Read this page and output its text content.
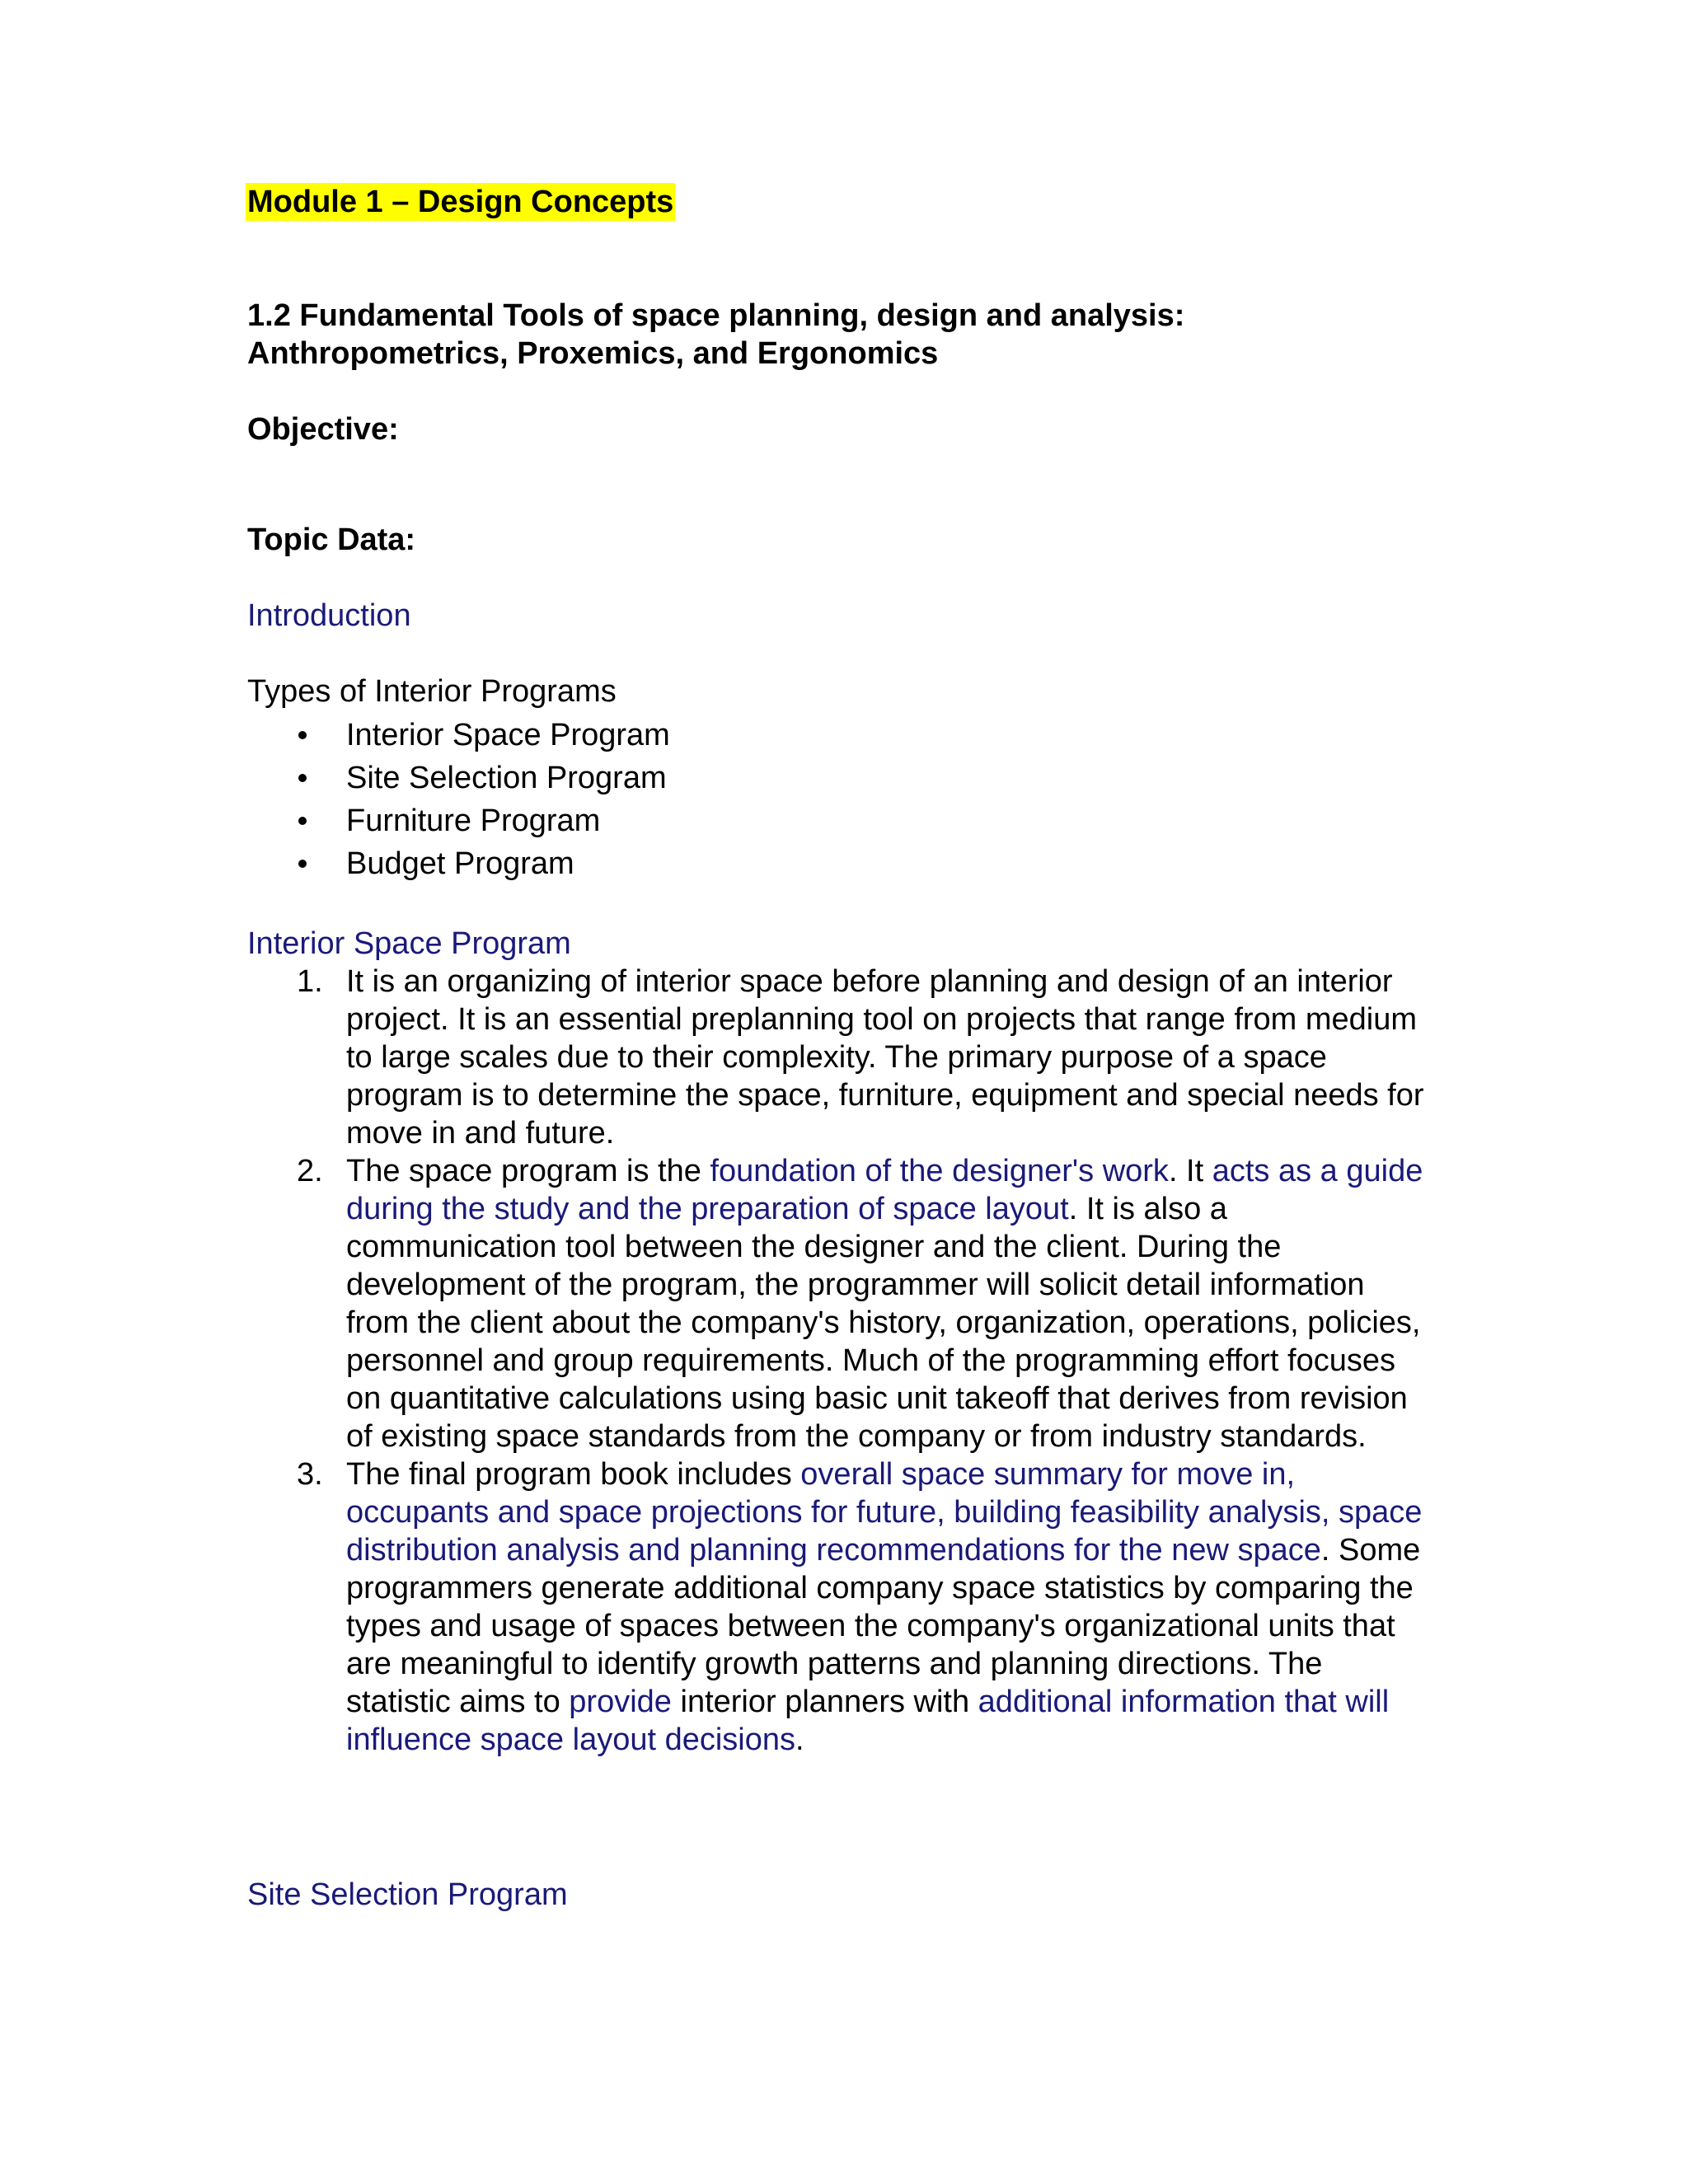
Module 1 – Design Concepts
1.2 Fundamental Tools of space planning, design and analysis:
Anthropometrics, Proxemics, and Ergonomics
Objective:
Topic Data:
Introduction
Types of Interior Programs
Interior Space Program
Site Selection Program
Furniture Program
Budget Program
Interior Space Program
1. It is an organizing of interior space before planning and design of an interior project. It is an essential preplanning tool on projects that range from medium to large scales due to their complexity. The primary purpose of a space program is to determine the space, furniture, equipment and special needs for move in and future.
2. The space program is the foundation of the designer's work. It acts as a guide during the study and the preparation of space layout. It is also a communication tool between the designer and the client. During the development of the program, the programmer will solicit detail information from the client about the company's history, organization, operations, policies, personnel and group requirements. Much of the programming effort focuses on quantitative calculations using basic unit takeoff that derives from revision of existing space standards from the company or from industry standards.
3. The final program book includes overall space summary for move in, occupants and space projections for future, building feasibility analysis, space distribution analysis and planning recommendations for the new space. Some programmers generate additional company space statistics by comparing the types and usage of spaces between the company's organizational units that are meaningful to identify growth patterns and planning directions. The statistic aims to provide interior planners with additional information that will influence space layout decisions.
Site Selection Program
